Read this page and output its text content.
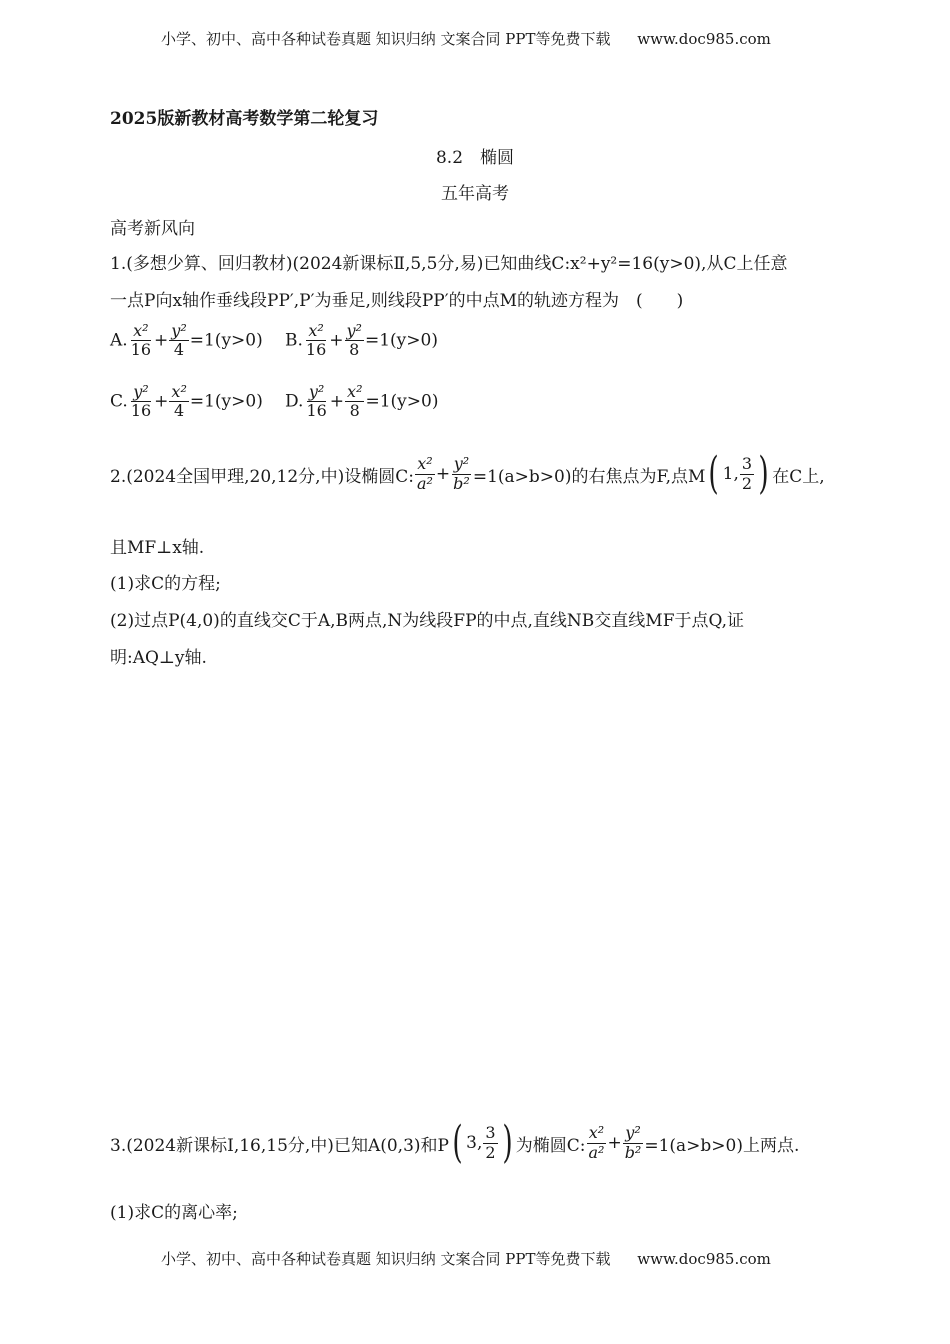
小学、初中、高中各种试卷真题 知识归纳 文案合同 PPT等免费下载 www.doc985.com
2025版新教材高考数学第二轮复习
8.2　椭圆
五年高考
高考新风向
1.(多想少算、回归教材)(2024新课标Ⅱ,5,5分,易)已知曲线C:x²+y²=16(y>0),从C上任意
一点P向x轴作垂线段PP′,P′为垂足,则线段PP′的中点M的轨迹方程为　(　　)
A. $\frac{\text{x²}}{16} + \frac{\text{y²}}{4} =1(y>0)$ B. $\frac{\text{x²}}{16} + \frac{\text{y²}}{8} =1(y>0)$
C. $\frac{\text{y²}}{16} + \frac{\text{x²}}{4} =1(y>0)$ D. $\frac{\text{y²}}{16} + \frac{\text{x²}}{8} =1(y>0)$
2.(2024全国甲理,20,12分,中)设椭圆C: $\frac{\text{x²}}{\text{a²}} + \frac{\text{y²}}{\text{b²}} =1(a>b>0)$的右焦点为F,点M ( 1 , $\frac{3}{2}$ ) 在C上,
且MF⊥x轴.
(1)求C的方程;
(2)过点P(4,0)的直线交C于A,B两点,N为线段FP的中点,直线NB交直线MF于点Q,证
明:AQ⊥y轴.
3.(2024新课标Ⅰ,16,15分,中)已知A(0,3)和P ( 3 , $\frac{3}{2}$ ) 为椭圆C: $\frac{\text{x²}}{\text{a²}} + \frac{\text{y²}}{\text{b²}} =1(a>b>0)$上两点.
(1)求C的离心率;
小学、初中、高中各种试卷真题 知识归纳 文案合同 PPT等免费下载 www.doc985.com
